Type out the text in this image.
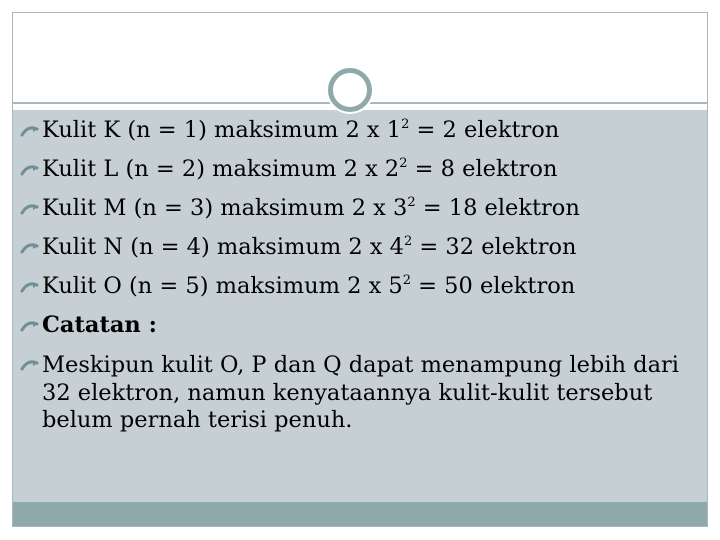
Kulit K (n = 1) maksimum 2 x $1^2 = 2$ elektron
Kulit L (n = 2) maksimum 2 x $2^2 = 8$ elektron
Kulit M (n = 3) maksimum 2 x $3^2 = 18$ elektron
Kulit N (n = 4) maksimum 2 x $4^2 = 32$ elektron
Kulit O (n = 5) maksimum 2 x $5^2 = 50$ elektron
Catatan :
Meskipun kulit O, P dan Q dapat menampung lebih dari 32 elektron, namun kenyataannya kulit-kulit tersebut belum pernah terisi penuh.
